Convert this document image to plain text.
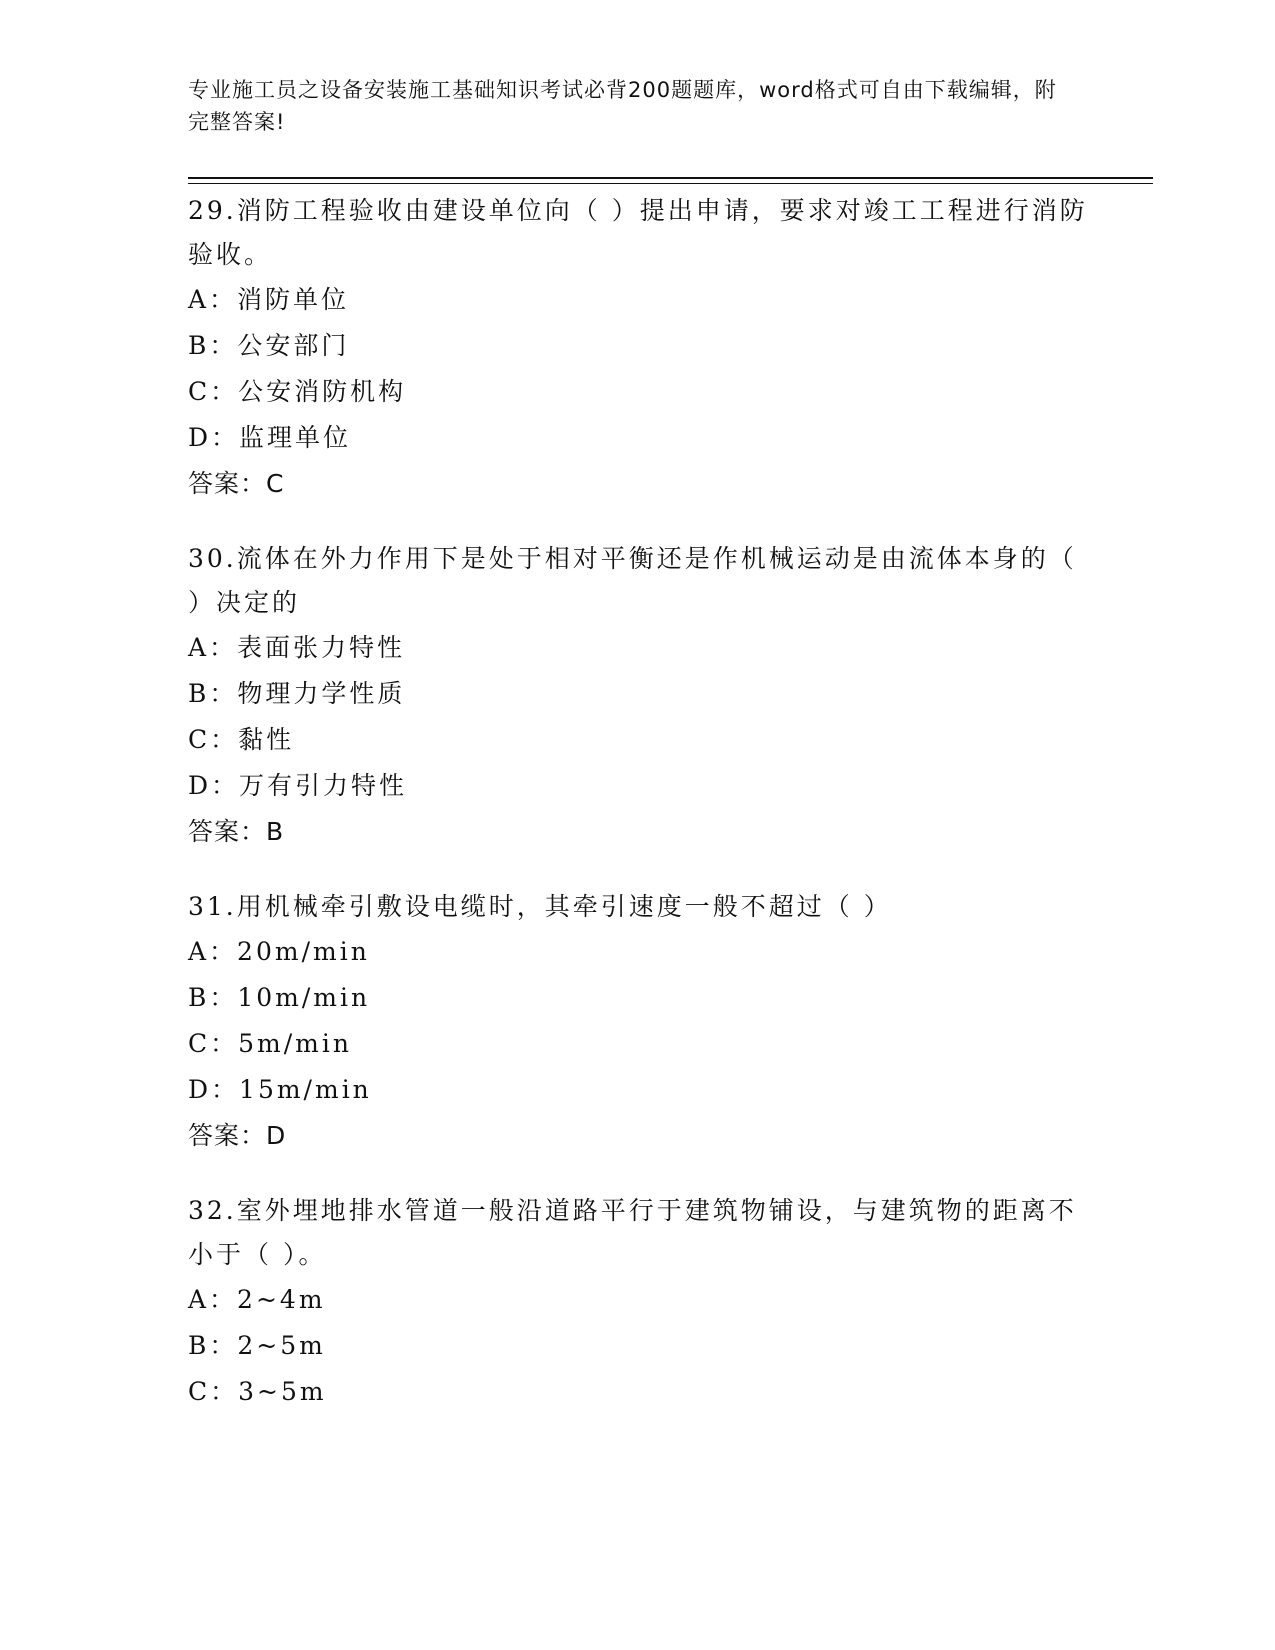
专业施工员之设备安装施工基础知识考试必背200题题库，word格式可自由下载编辑，附完整答案!
29.消防工程验收由建设单位向（ ）提出申请，要求对竣工工程进行消防验收。
A：消防单位
B：公安部门
C：公安消防机构
D：监理单位
答案：C
30.流体在外力作用下是处于相对平衡还是作机械运动是由流体本身的（ ）决定的
A：表面张力特性
B：物理力学性质
C：黏性
D：万有引力特性
答案：B
31.用机械牵引敷设电缆时，其牵引速度一般不超过（ ）
A：20m/min
B：10m/min
C：5m/min
D：15m/min
答案：D
32.室外埋地排水管道一般沿道路平行于建筑物铺设，与建筑物的距离不小于（ ）。
A：2~4m
B：2~5m
C：3~5m
